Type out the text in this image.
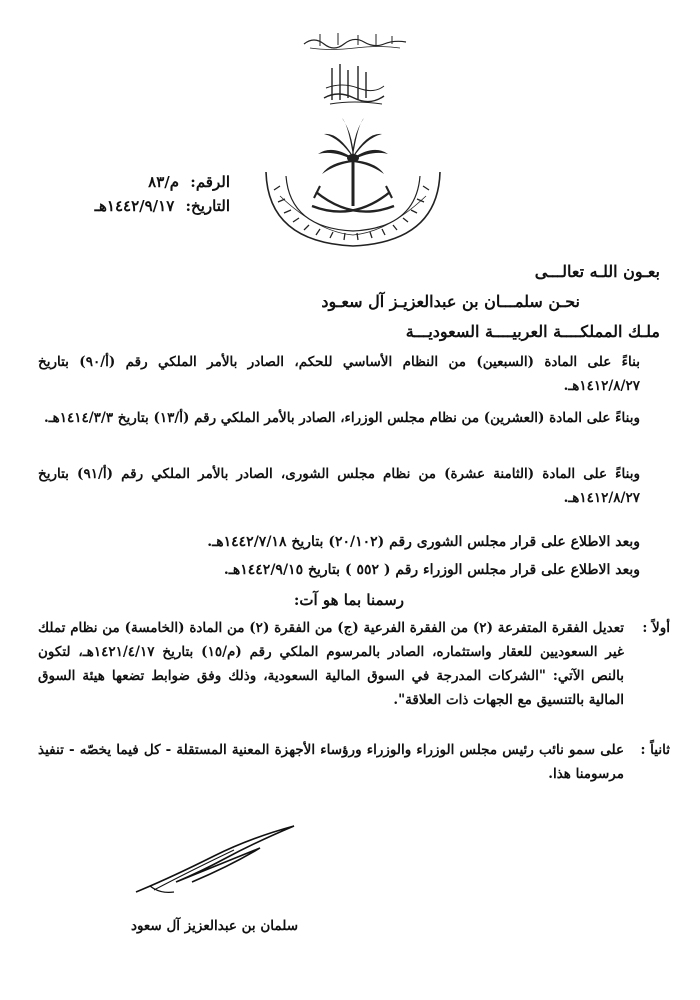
الرقم: م/٨٣
التاريخ: ١٤٤٢/٩/١٧هـ
بعـون اللـه تعالـــى
نحـن سلمـــان بن عبدالعزيـز آل سعـود
ملـك المملكــــة العربيــــة السعوديـــة
بناءً على المادة (السبعين) من النظام الأساسي للحكم، الصادر بالأمر الملكي رقم (أ/٩٠) بتاريخ ١٤١٢/٨/٢٧هـ.
وبناءً على المادة (العشرين) من نظام مجلس الوزراء، الصادر بالأمر الملكي رقم (أ/١٣) بتاريخ ١٤١٤/٣/٣هـ.
وبناءً على المادة (الثامنة عشرة) من نظام مجلس الشورى، الصادر بالأمر الملكي رقم (أ/٩١) بتاريخ ١٤١٢/٨/٢٧هـ.
وبعد الاطلاع على قرار مجلس الشورى رقم (٢٠/١٠٢) بتاريخ ١٤٤٢/٧/١٨هـ.
وبعد الاطلاع على قرار مجلس الوزراء رقم ( ٥٥٢ ) بتاريخ ١٤٤٢/٩/١٥هـ.
رسمنا بما هو آت:
أولاً :
تعديل الفقرة المتفرعة (٢) من الفقرة الفرعية (ج) من الفقرة (٢) من المادة (الخامسة) من نظام تملك غير السعوديين للعقار واستثماره، الصادر بالمرسوم الملكي رقم (م/١٥) بتاريخ ١٤٢١/٤/١٧هـ، لتكون بالنص الآتي: "الشركات المدرجة في السوق المالية السعودية، وذلك وفق ضوابط تضعها هيئة السوق المالية بالتنسيق مع الجهات ذات العلاقة".
ثانياً :
على سمو نائب رئيس مجلس الوزراء والوزراء ورؤساء الأجهزة المعنية المستقلة - كل فيما يخصّه - تنفيذ مرسومنا هذا.
سلمان بن عبدالعزيز آل سعود
